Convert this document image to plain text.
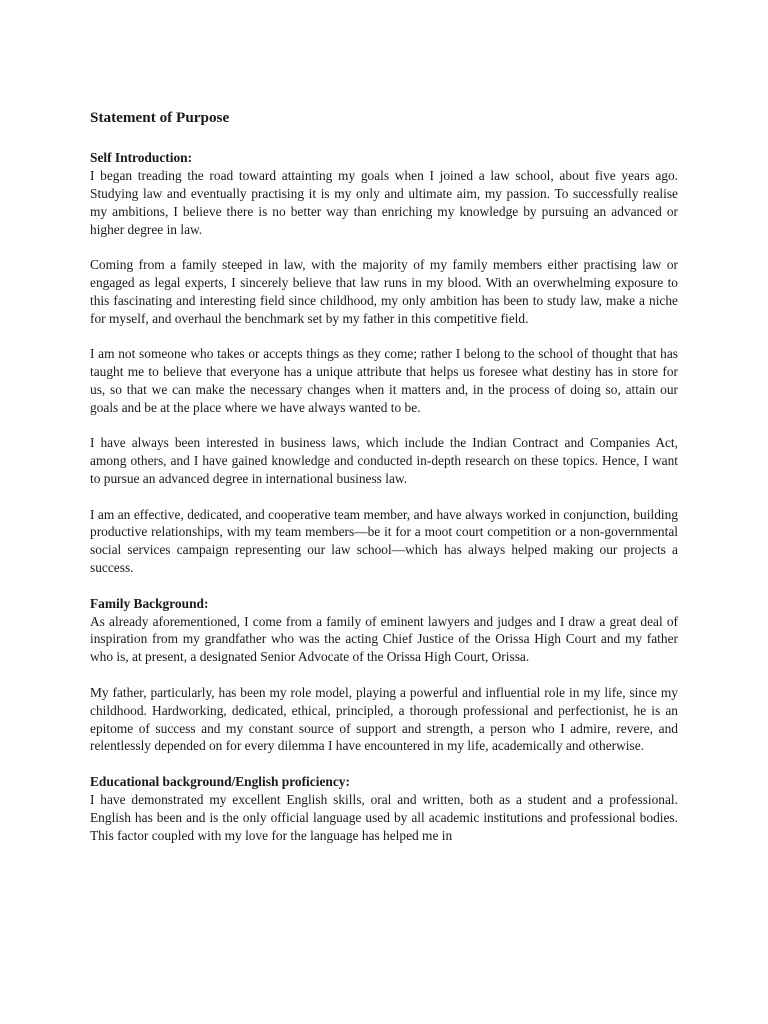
Statement of Purpose
Self Introduction:

I began treading the road toward attainting my goals when I joined a law school, about five years ago. Studying law and eventually practising it is my only and ultimate aim, my passion. To successfully realise my ambitions, I believe there is no better way than enriching my knowledge by pursuing an advanced or higher degree in law.

Coming from a family steeped in law, with the majority of my family members either practising law or engaged as legal experts, I sincerely believe that law runs in my blood. With an overwhelming exposure to this fascinating and interesting field since childhood, my only ambition has been to study law, make a niche for myself, and overhaul the benchmark set by my father in this competitive field.

I am not someone who takes or accepts things as they come; rather I belong to the school of thought that has taught me to believe that everyone has a unique attribute that helps us foresee what destiny has in store for us, so that we can make the necessary changes when it matters and, in the process of doing so, attain our goals and be at the place where we have always wanted to be.

I have always been interested in business laws, which include the Indian Contract and Companies Act, among others, and I have gained knowledge and conducted in-depth research on these topics. Hence, I want to pursue an advanced degree in international business law.

I am an effective, dedicated, and cooperative team member, and have always worked in conjunction, building productive relationships, with my team members—be it for a moot court competition or a non-governmental social services campaign representing our law school—which has always helped making our projects a success.

Family Background:

As already aforementioned, I come from a family of eminent lawyers and judges and I draw a great deal of inspiration from my grandfather who was the acting Chief Justice of the Orissa High Court and my father who is, at present, a designated Senior Advocate of the Orissa High Court, Orissa.

My father, particularly, has been my role model, playing a powerful and influential role in my life, since my childhood. Hardworking, dedicated, ethical, principled, a thorough professional and perfectionist, he is an epitome of success and my constant source of support and strength, a person who I admire, revere, and relentlessly depended on for every dilemma I have encountered in my life, academically and otherwise.

Educational background/English proficiency:

I have demonstrated my excellent English skills, oral and written, both as a student and a professional. English has been and is the only official language used by all academic institutions and professional bodies. This factor coupled with my love for the language has helped me in
